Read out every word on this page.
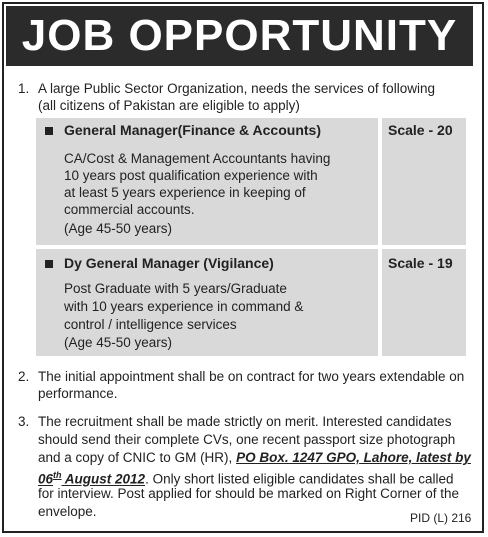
JOB OPPORTUNITY
1. A large Public Sector Organization, needs the services of following
(all citizens of Pakistan are eligible to apply)
General Manager(Finance & Accounts)	Scale - 20
CA/Cost & Management Accountants having
10 years post qualification experience with
at least 5 years experience in keeping of
commercial accounts.
(Age 45-50 years)
Dy General Manager (Vigilance)	Scale - 19
Post Graduate with 5 years/Graduate
with 10 years experience in command &
control / intelligence services
(Age 45-50 years)
2. The initial appointment shall be on contract for two years extendable on
performance.
3. The recruitment shall be made strictly on merit. Interested candidates
should send their complete CVs, one recent passport size photograph
and a copy of CNIC to GM (HR), PO Box. 1247 GPO, Lahore, latest by
06th August 2012. Only short listed eligible candidates shall be called
for interview. Post applied for should be marked on Right Corner of the
envelope.	PID (L) 216
